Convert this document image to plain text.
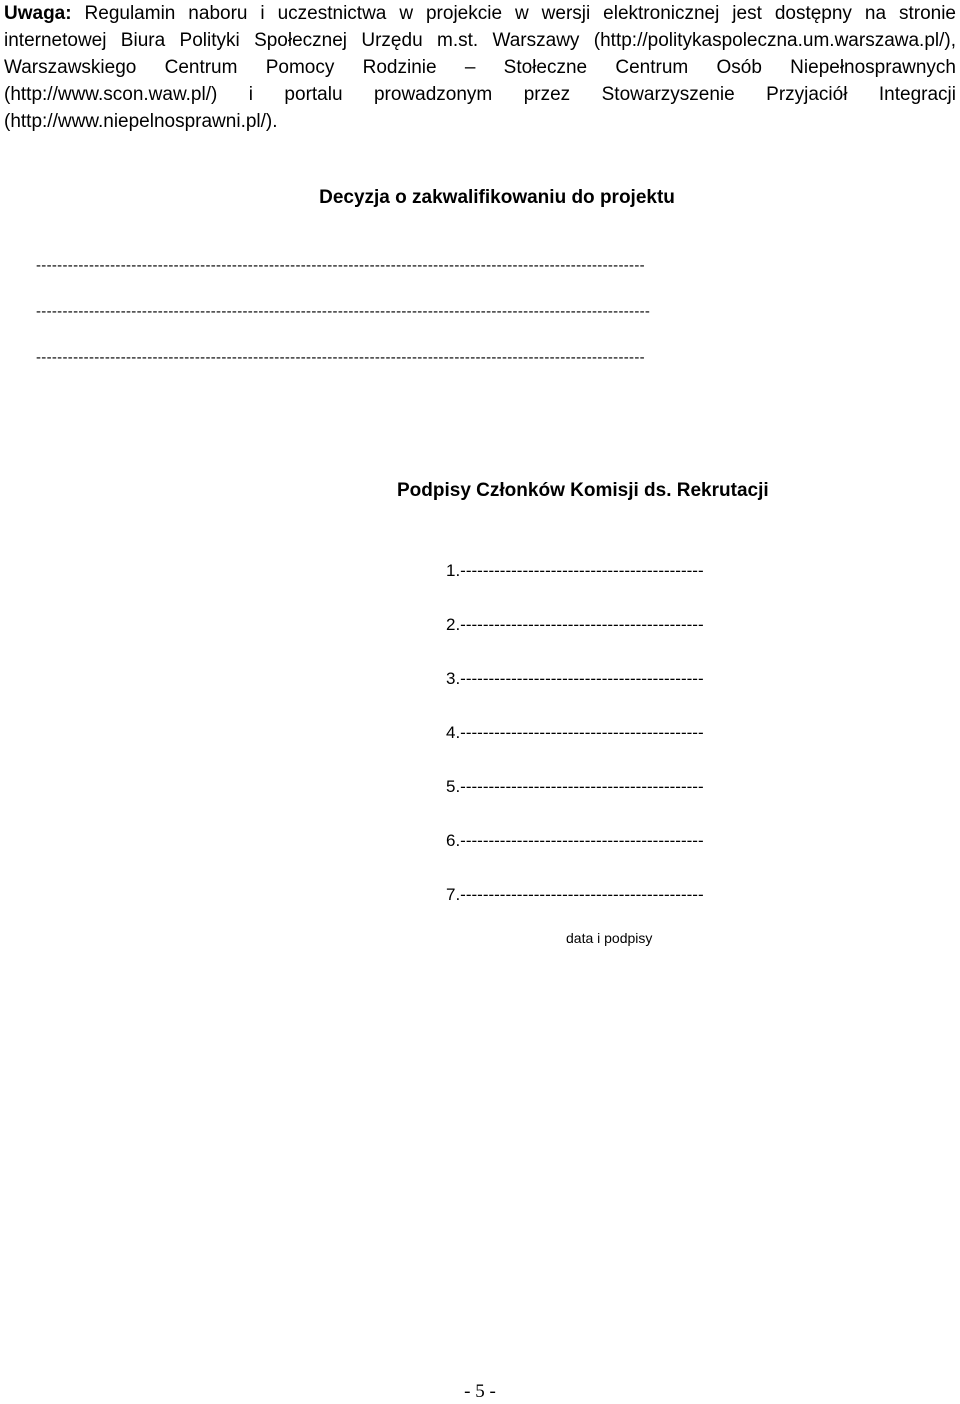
Uwaga: Regulamin naboru i uczestnictwa w projekcie w wersji elektronicznej jest dostępny na stronie
internetowej Biura Polityki Społecznej Urzędu m.st. Warszawy (http://politykaspoleczna.um.warszawa.pl/),
Warszawskiego Centrum Pomocy Rodzinie – Stołeczne Centrum Osób Niepełnosprawnych
(http://www.scon.waw.pl/) i portalu prowadzonym przez Stowarzyszenie Przyjaciół Integracji
(http://www.niepelnosprawni.pl/).
Decyzja o zakwalifikowaniu do projektu
-------------------------------------------------------------------------------------------------------------------
--------------------------------------------------------------------------------------------------------------------
-------------------------------------------------------------------------------------------------------------------
Podpisy Członków Komisji ds. Rekrutacji
1.-------------------------------------------
2.-------------------------------------------
3.-------------------------------------------
4.-------------------------------------------
5.-------------------------------------------
6.-------------------------------------------
7.-------------------------------------------
data i podpisy
- 5 -
